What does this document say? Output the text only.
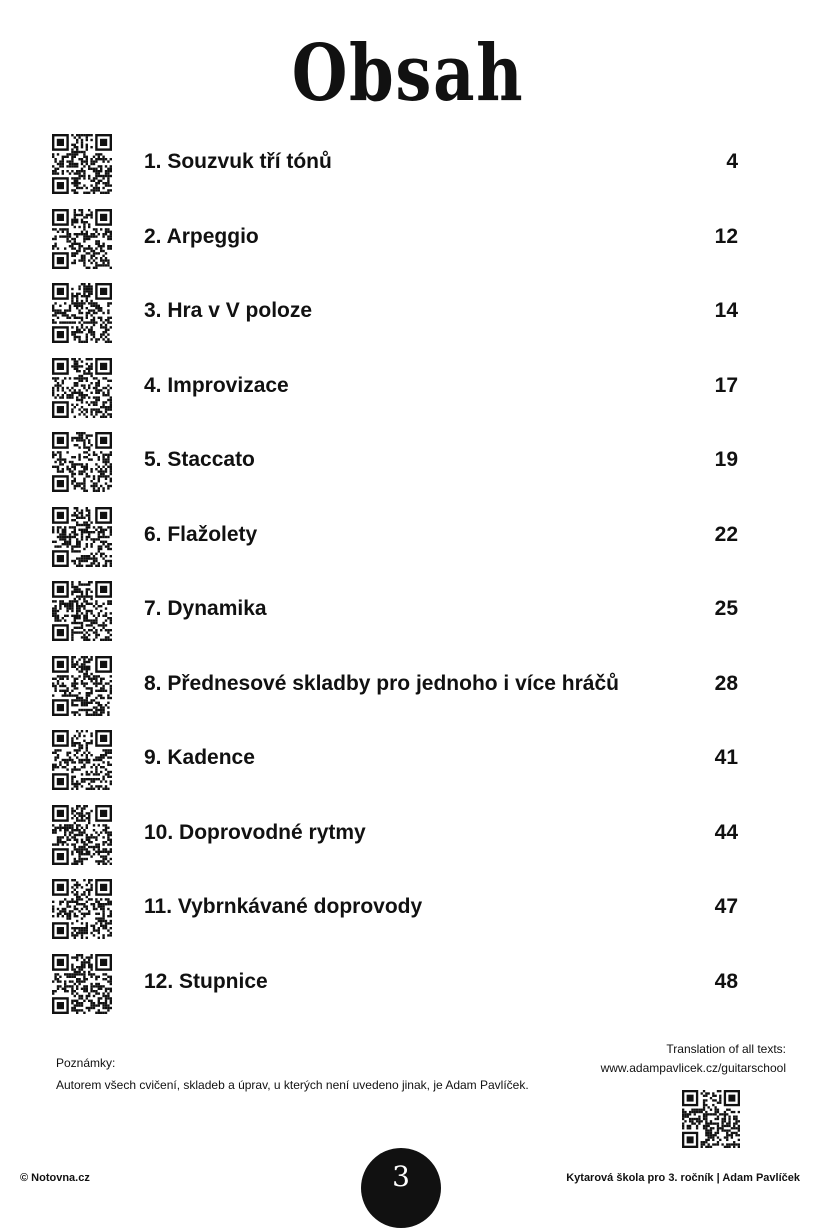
Obsah
1. Souzvuk tří tónů	4
2. Arpeggio	12
3. Hra v V poloze	14
4. Improvizace	17
5. Staccato	19
6. Flažolety	22
7. Dynamika	25
8. Přednesové skladby pro jednoho i více hráčů	28
9. Kadence	41
10. Doprovodné rytmy	44
11. Vybrnkávané doprovody	47
12. Stupnice	48
Poznámky:
Autorem všech cvičení, skladeb a úprav, u kterých není uvedeno jinak, je Adam Pavlíček.
Translation of all texts:
www.adampavlicek.cz/guitarschool
© Notovna.cz	3	Kytarová škola pro 3. ročník | Adam Pavlíček
